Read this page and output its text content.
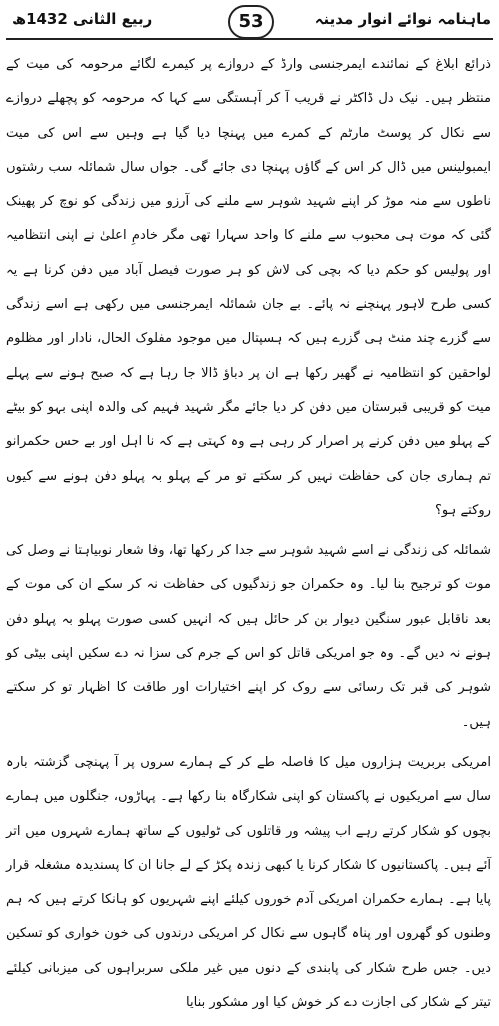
ماہنامہ نوائے انوار مدینہ
53
ربیع الثانی 1432ھ

ذرائع ابلاغ کے نمائندے ایمرجنسی وارڈ کے دروازے پر کیمرے لگائے مرحومہ کی میت کے منتظر ہیں۔ نیک دل ڈاکٹر نے قریب آ کر آہستگی سے کہا کہ مرحومہ کو پچھلے دروازے سے نکال کر پوسٹ مارٹم کے کمرے میں پہنچا دیا گیا ہے وہیں سے اس کی میت ایمبولینس میں ڈال کر اس کے گاؤں پہنچا دی جائے گی۔ جواں سال شمائلہ سب رشتوں ناطوں سے منہ موڑ کر اپنے شہید شوہر سے ملنے کی آرزو میں زندگی کو نوچ کر پھینک گئی کہ موت ہی محبوب سے ملنے کا واحد سہارا تھی مگر خادمِ اعلیٰ نے اپنی انتظامیہ اور پولیس کو حکم دیا کہ بچی کی لاش کو ہر صورت فیصل آباد میں دفن کرنا ہے یہ کسی طرح لاہور پہنچنے نہ پائے۔ بے جان شمائلہ ایمرجنسی میں رکھی ہے اسے زندگی سے گزرے چند منٹ ہی گزرے ہیں کہ ہسپتال میں موجود مفلوک الحال، نادار اور مظلوم لواحقین کو انتظامیہ نے گھیر رکھا ہے ان پر دباؤ ڈالا جا رہا ہے کہ صبح ہونے سے پہلے میت کو قریبی قبرستان میں دفن کر دیا جائے مگر شہید فہیم کی والدہ اپنی بہو کو بیٹے کے پہلو میں دفن کرنے پر اصرار کر رہی ہے وہ کہتی ہے کہ نا اہل اور بے حس حکمرانو تم ہماری جان کی حفاظت نہیں کر سکتے تو مر کے پہلو بہ پہلو دفن ہونے سے کیوں روکتے ہو؟

شمائلہ کی زندگی نے اسے شہید شوہر سے جدا کر رکھا تھا، وفا شعار نوبیاہتا نے وصل کی موت کو ترجیح بنا لیا۔ وہ حکمران جو زندگیوں کی حفاظت نہ کر سکے ان کی موت کے بعد ناقابل عبور سنگین دیوار بن کر حائل ہیں کہ انہیں کسی صورت پہلو بہ پہلو دفن ہونے نہ دیں گے۔ وہ جو امریکی قاتل کو اس کے جرم کی سزا نہ دے سکیں اپنی بیٹی کو شوہر کی قبر تک رسائی سے روک کر اپنے اختیارات اور طاقت کا اظہار تو کر سکتے ہیں۔

امریکی بربریت ہزاروں میل کا فاصلہ طے کر کے ہمارے سروں پر آ پہنچی گزشتہ بارہ سال سے امریکیوں نے پاکستان کو اپنی شکارگاہ بنا رکھا ہے۔ پہاڑوں، جنگلوں میں ہمارے بچوں کو شکار کرتے رہے اب پیشہ ور قاتلوں کی ٹولیوں کے ساتھ ہمارے شہروں میں اتر آئے ہیں۔ پاکستانیوں کا شکار کرنا یا کبھی زندہ پکڑ کے لے جانا ان کا پسندیدہ مشغلہ قرار پایا ہے۔ ہمارے حکمران امریکی آدم خوروں کیلئے اپنے شہریوں کو ہانکا کرتے ہیں کہ ہم وطنوں کو گھروں اور پناہ گاہوں سے نکال کر امریکی درندوں کی خون خواری کو تسکین دیں۔ جس طرح شکار کی پابندی کے دنوں میں غیر ملکی سربراہوں کی میزبانی کیلئے تیتر کے شکار کی اجازت دے کر خوش کیا اور مشکور بنایا
